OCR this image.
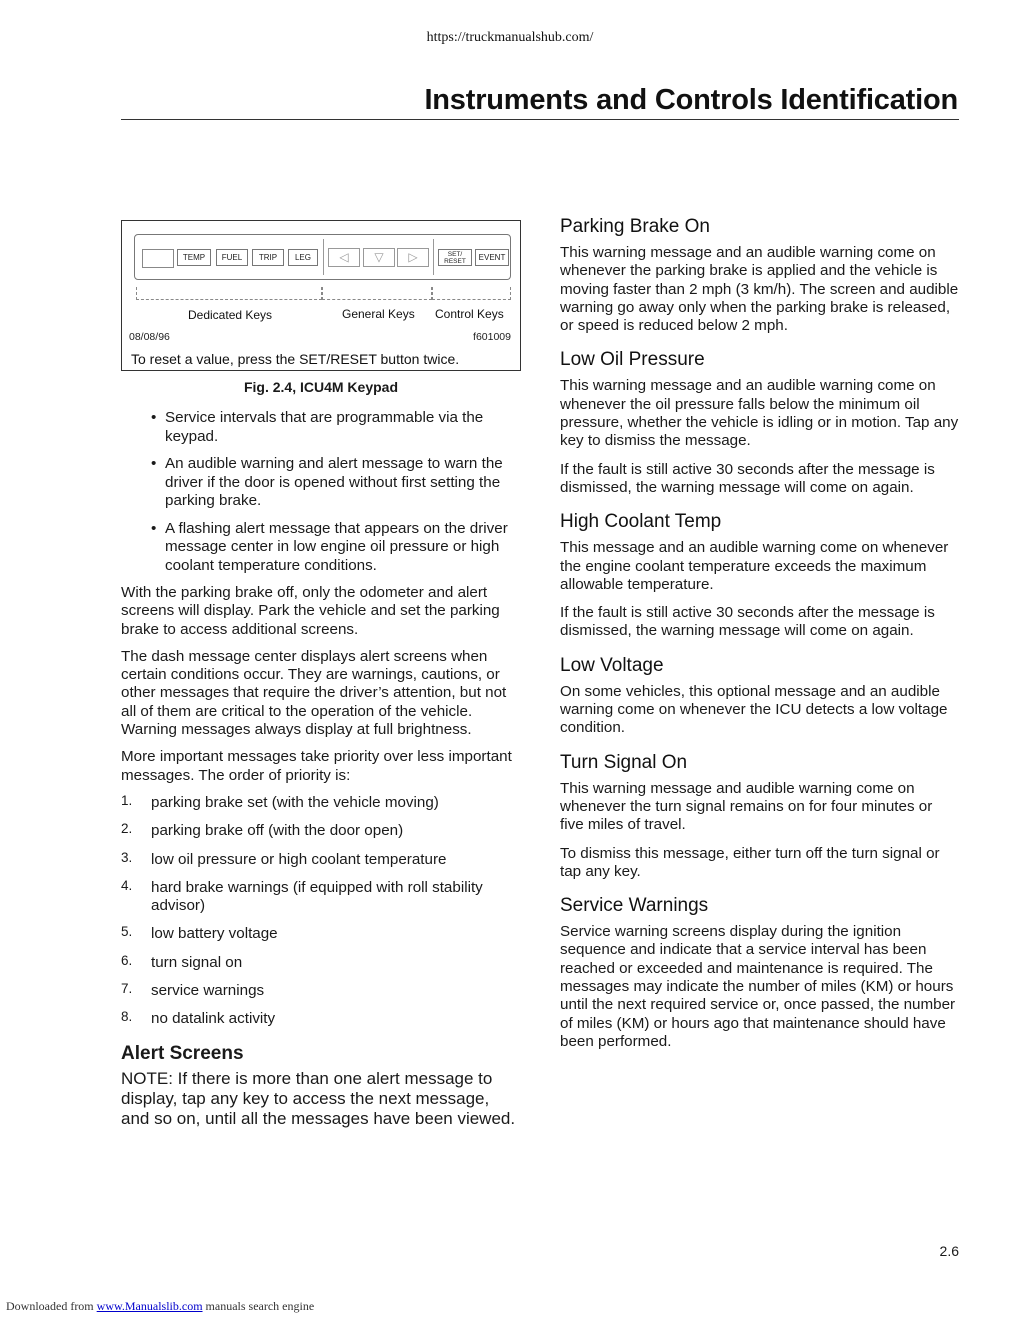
https://truckmanualshub.com/
Instruments and Controls Identification
TEMP	FUEL	TRIP	LEG	◁	▽	▷	SET/
RESET	EVENT
Dedicated Keys	General Keys Control Keys
08/08/96	f601009
To reset a value, press the SET/RESET button twice.

Fig. 2.4, ICU4M Keypad

• Service intervals that are programmable via the keypad.
• An audible warning and alert message to warn the driver if the door is opened without first setting the parking brake.
• A flashing alert message that appears on the driver message center in low engine oil pressure or high coolant temperature conditions.

With the parking brake off, only the odometer and alert screens will display. Park the vehicle and set the parking brake to access additional screens.

The dash message center displays alert screens when certain conditions occur. They are warnings, cautions, or other messages that require the driver’s attention, but not all of them are critical to the operation of the vehicle. Warning messages always display at full brightness.

More important messages take priority over less important messages. The order of priority is:

1. parking brake set (with the vehicle moving)
2. parking brake off (with the door open)
3. low oil pressure or high coolant temperature
4. hard brake warnings (if equipped with roll stability advisor)
5. low battery voltage
6. turn signal on
7. service warnings
8. no datalink activity
Alert Screens

NOTE: If there is more than one alert message to display, tap any key to access the next message, and so on, until all the messages have been viewed.

Parking Brake On

This warning message and an audible warning come on whenever the parking brake is applied and the vehicle is moving faster than 2 mph (3 km/h). The screen and audible warning go away only when the parking brake is released, or speed is reduced below 2 mph.

Low Oil Pressure

This warning message and an audible warning come on whenever the oil pressure falls below the minimum oil pressure, whether the vehicle is idling or in motion. Tap any key to dismiss the message.

If the fault is still active 30 seconds after the message is dismissed, the warning message will come on again.

High Coolant Temp

This message and an audible warning come on whenever the engine coolant temperature exceeds the maximum allowable temperature.

If the fault is still active 30 seconds after the message is dismissed, the warning message will come on again.

Low Voltage

On some vehicles, this optional message and an audible warning come on whenever the ICU detects a low voltage condition.

Turn Signal On

This warning message and audible warning come on whenever the turn signal remains on for four minutes or five miles of travel.

To dismiss this message, either turn off the turn signal or tap any key.

Service Warnings

Service warning screens display during the ignition sequence and indicate that a service interval has been reached or exceeded and maintenance is required. The messages may indicate the number of miles (KM) or hours until the next required service or, once passed, the number of miles (KM) or hours ago that maintenance should have been performed.

2.6
Downloaded from www.Manualslib.com manuals search engine
